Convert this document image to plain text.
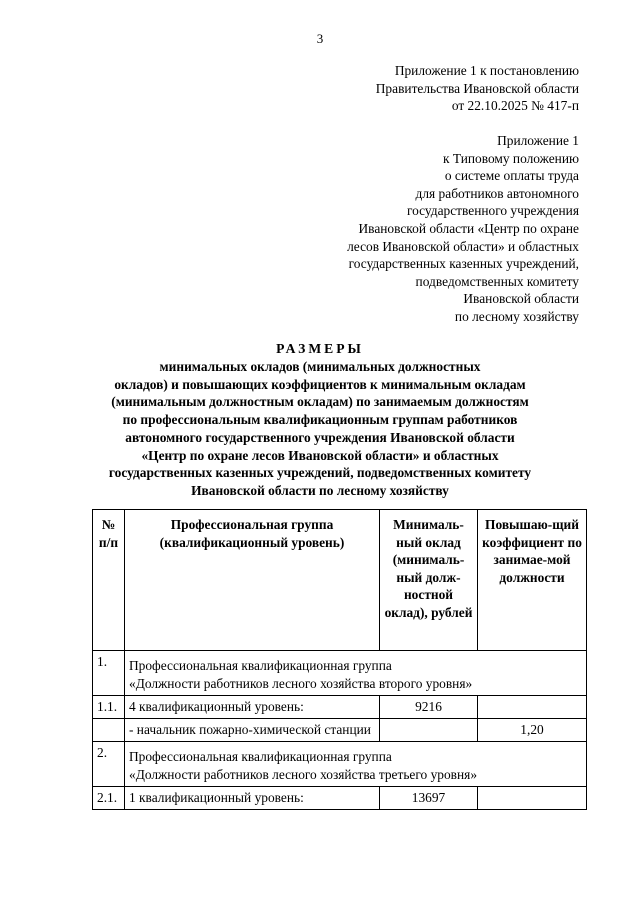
3
Приложение 1 к постановлению
Правительства Ивановской области
от 22.10.2025 № 417-п
Приложение 1
к Типовому положению
о системе оплаты труда
для работников автономного
государственного учреждения
Ивановской области «Центр по охране
лесов Ивановской области» и областных
государственных казенных учреждений,
подведомственных комитету
Ивановской области
по лесному хозяйству
РАЗМЕРЫ
минимальных окладов (минимальных должностных
окладов) и повышающих коэффициентов к минимальным окладам
(минимальным должностным окладам) по занимаемым должностям
по профессиональным квалификационным группам работников
автономного государственного учреждения Ивановской области
«Центр по охране лесов Ивановской области» и областных
государственных казенных учреждений, подведомственных комитету
Ивановской области по лесному хозяйству
№ п/п	Профессиональная группа (квалификационный уровень)	Минималь-ный оклад (минималь-ный долж-ностной оклад), рублей	Повышаю-щий коэффициент по занимае-мой должности
1.	Профессиональная квалификационная группа
«Должности работников лесного хозяйства второго уровня»		

1.1.	4 квалификационный уровень:	9216	
	- начальник пожарно-химической станции		1,20
2.	Профессиональная квалификационная группа
«Должности работников лесного хозяйства третьего уровня»		

2.1.	1 квалификационный уровень:	13697	
